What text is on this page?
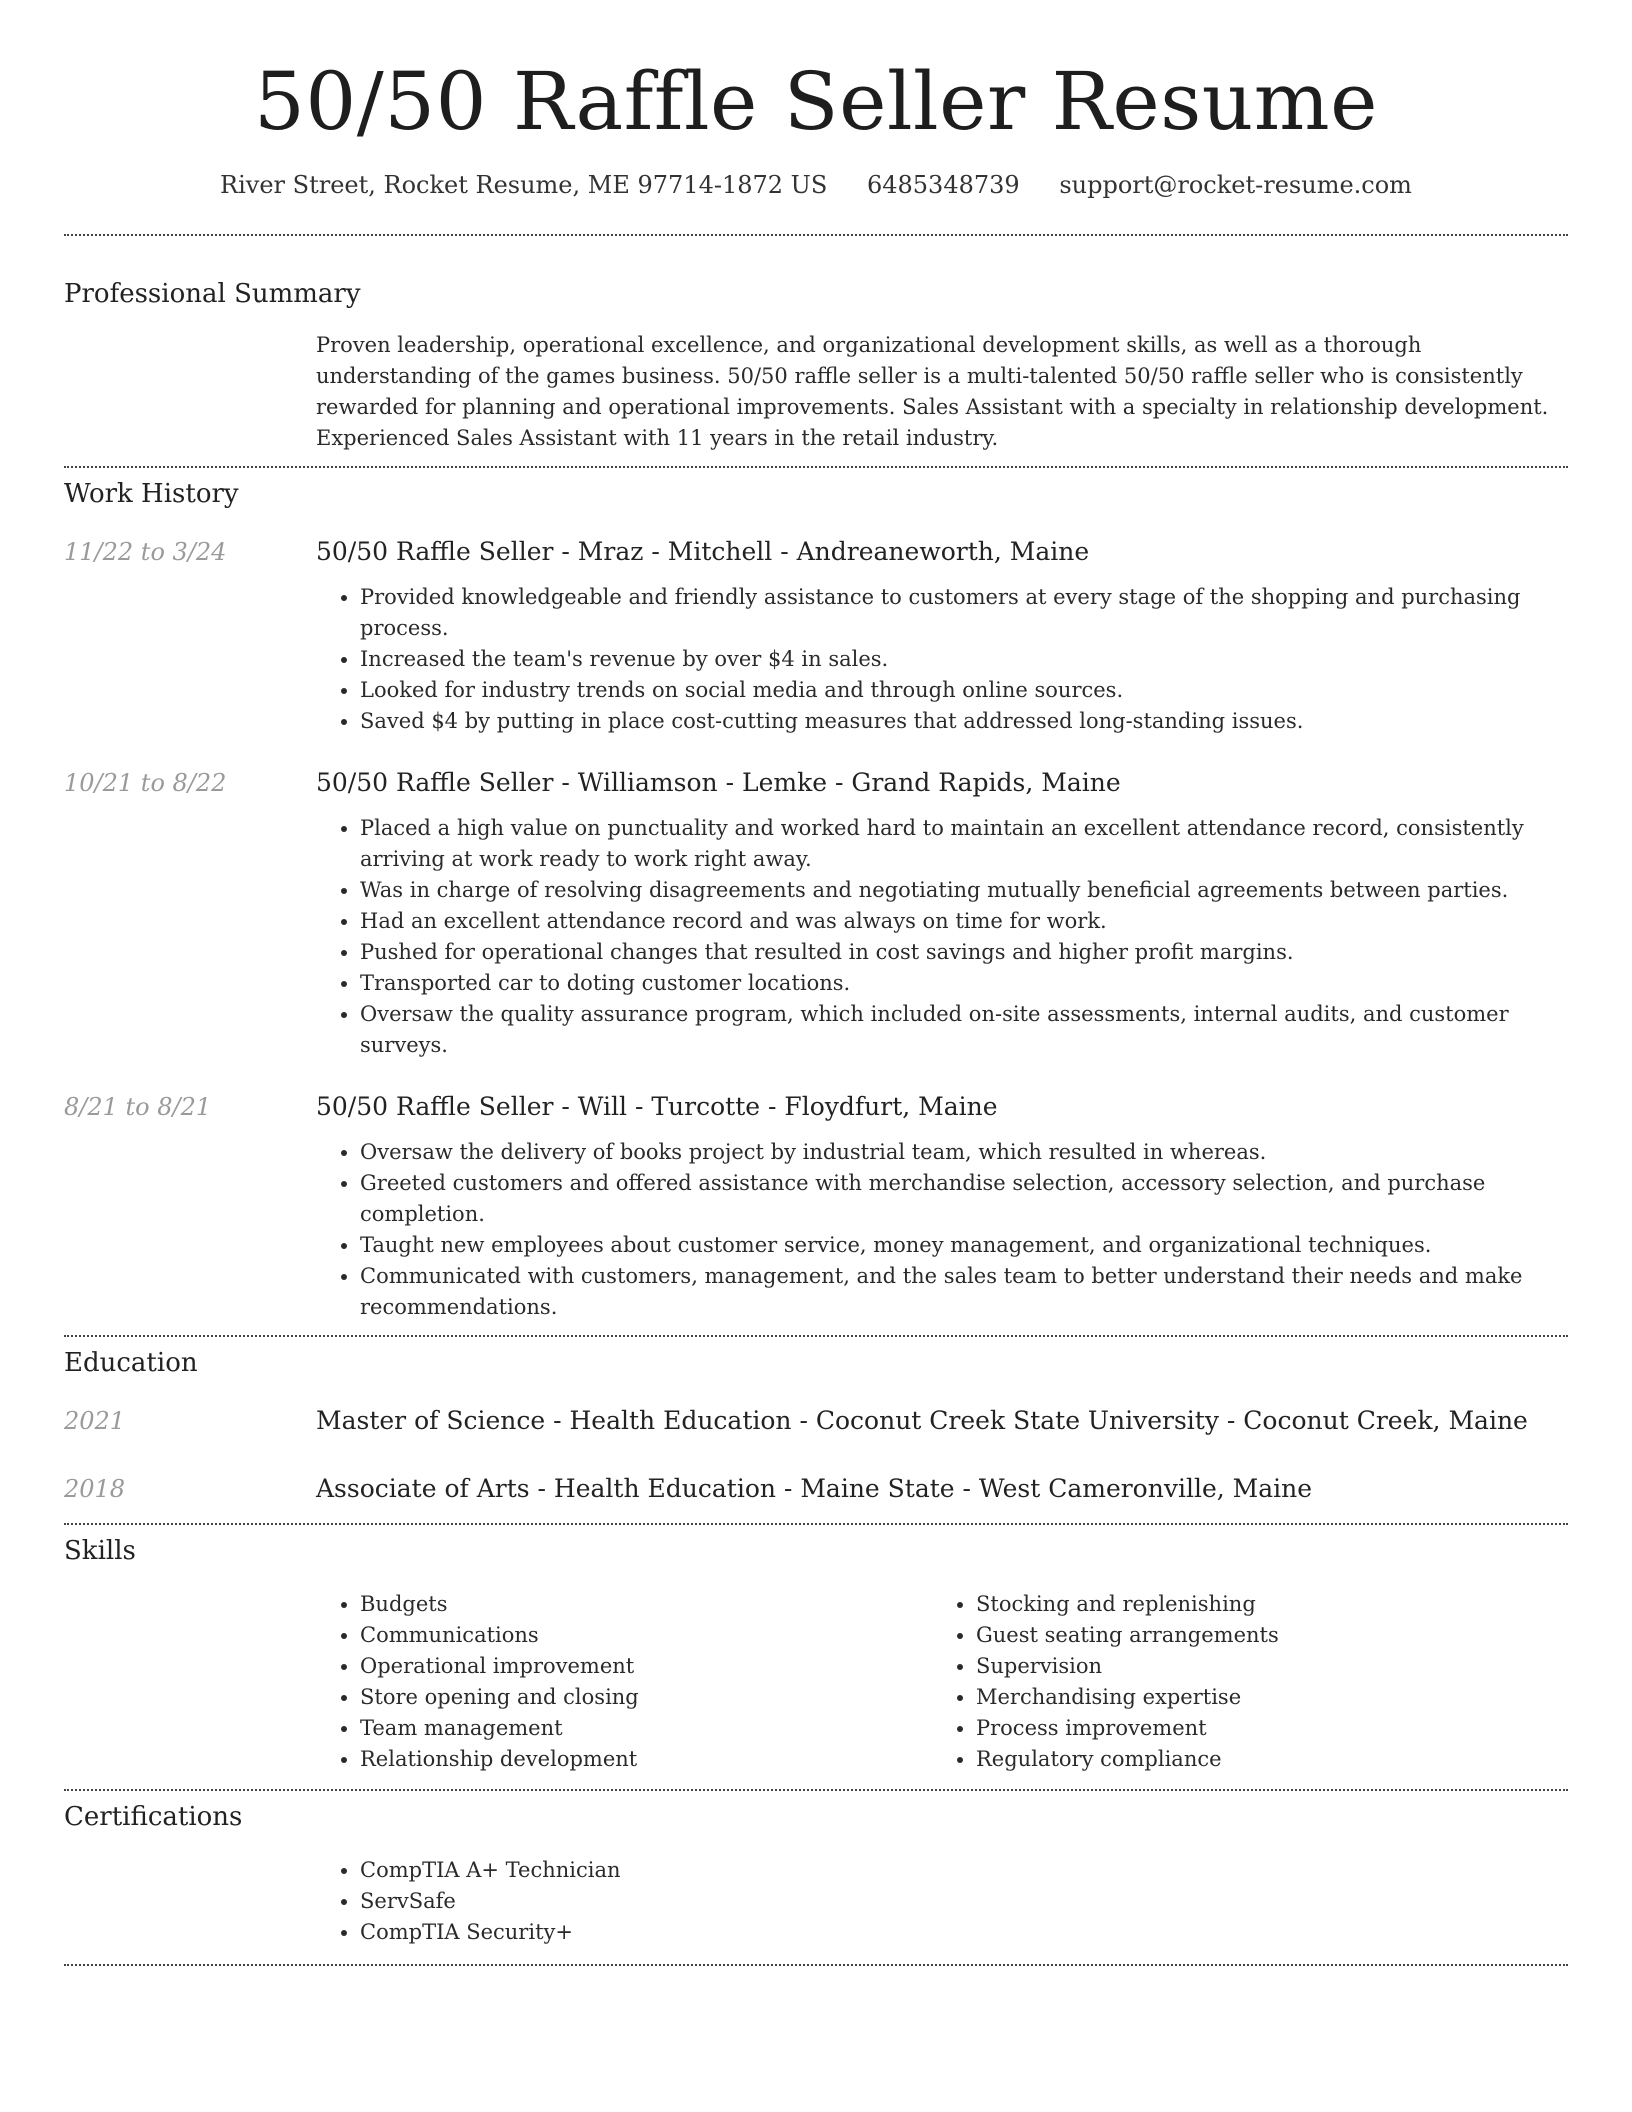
50/50 Raffle Seller Resume
River Street, Rocket Resume, ME 97714-1872 US 6485348739 support@rocket-resume.com
Professional Summary
Proven leadership, operational excellence, and organizational development skills, as well as a thorough understanding of the games business. 50/50 raffle seller is a multi-talented 50/50 raffle seller who is consistently rewarded for planning and operational improvements. Sales Assistant with a specialty in relationship development. Experienced Sales Assistant with 11 years in the retail industry.
Work History
11/22 to 3/24	50/50 Raffle Seller - Mraz - Mitchell - Andreaneworth, Maine
• Provided knowledgeable and friendly assistance to customers at every stage of the shopping and purchasing process.
• Increased the team's revenue by over $4 in sales.
• Looked for industry trends on social media and through online sources.
• Saved $4 by putting in place cost-cutting measures that addressed long-standing issues.
10/21 to 8/22	50/50 Raffle Seller - Williamson - Lemke - Grand Rapids, Maine
• Placed a high value on punctuality and worked hard to maintain an excellent attendance record, consistently arriving at work ready to work right away.
• Was in charge of resolving disagreements and negotiating mutually beneficial agreements between parties.
• Had an excellent attendance record and was always on time for work.
• Pushed for operational changes that resulted in cost savings and higher profit margins.
• Transported car to doting customer locations.
• Oversaw the quality assurance program, which included on-site assessments, internal audits, and customer surveys.
8/21 to 8/21	50/50 Raffle Seller - Will - Turcotte - Floydfurt, Maine
• Oversaw the delivery of books project by industrial team, which resulted in whereas.
• Greeted customers and offered assistance with merchandise selection, accessory selection, and purchase completion.
• Taught new employees about customer service, money management, and organizational techniques.
• Communicated with customers, management, and the sales team to better understand their needs and make recommendations.
Education
2021	Master of Science - Health Education - Coconut Creek State University - Coconut Creek, Maine
2018	Associate of Arts - Health Education - Maine State - West Cameronville, Maine
Skills
• Budgets
• Communications
• Operational improvement
• Store opening and closing
• Team management
• Relationship development
• Stocking and replenishing
• Guest seating arrangements
• Supervision
• Merchandising expertise
• Process improvement
• Regulatory compliance
Certifications
• CompTIA A+ Technician
• ServSafe
• CompTIA Security+
